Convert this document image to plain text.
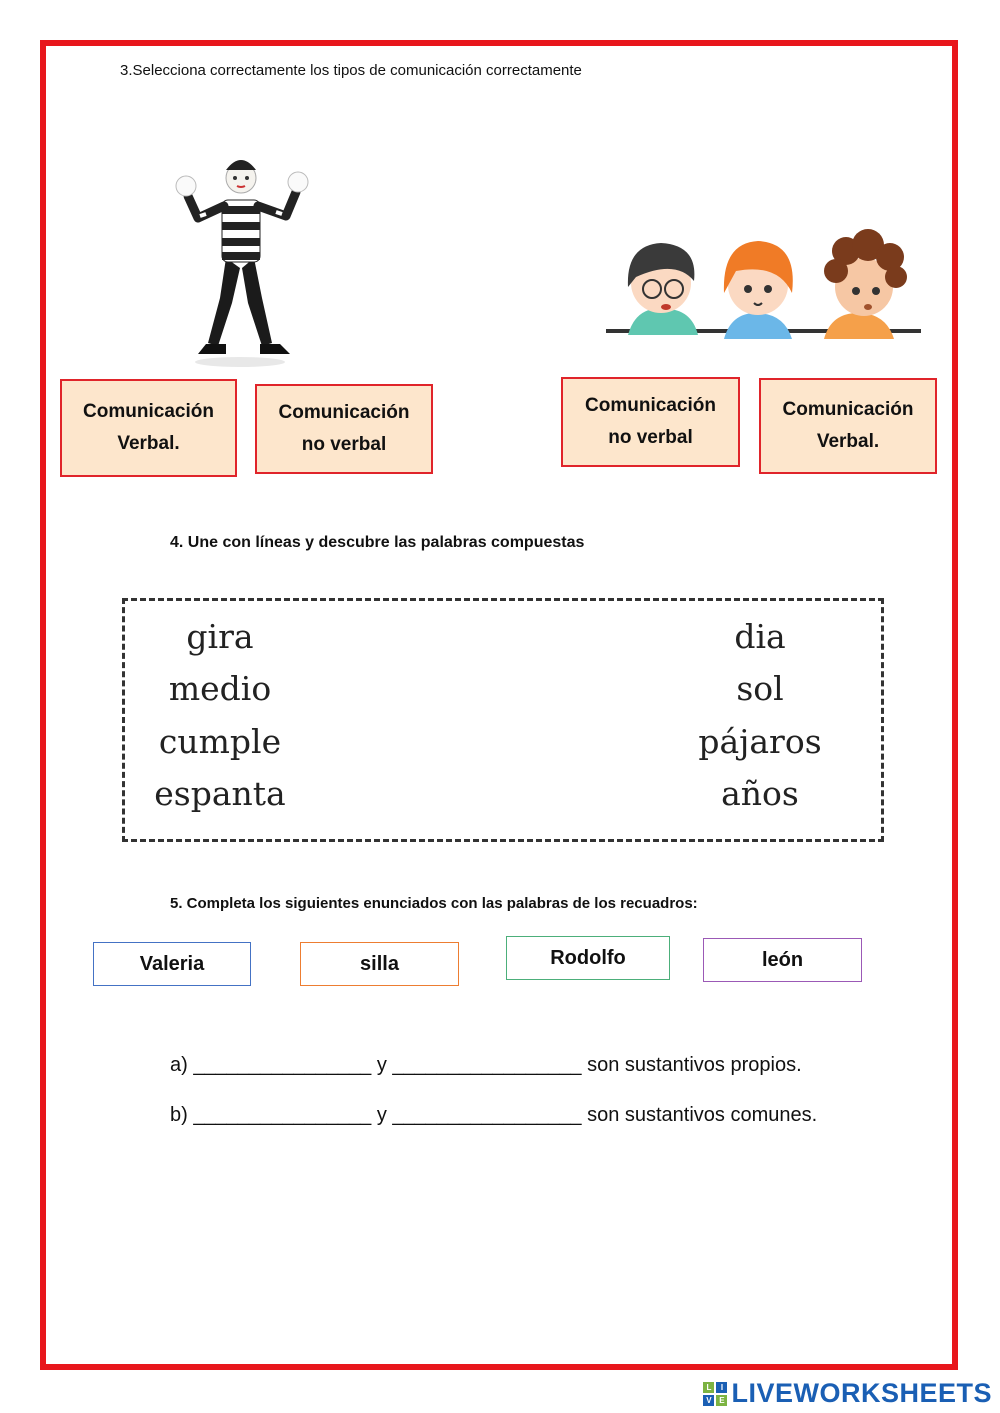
3.Selecciona correctamente los tipos de comunicación correctamente
Comunicación
Verbal.
Comunicación
no verbal
Comunicación
no verbal
Comunicación
Verbal.
4. Une con líneas y descubre las palabras compuestas
gira
medio
cumple
espanta
dia
sol
pájaros
años
5. Completa los siguientes enunciados con las palabras de los recuadros:
Valeria	silla	Rodolfo	león
a) ________________ y _________________ son sustantivos propios.
b) ________________ y _________________ son sustantivos comunes.
L	I
V E LIVEWORKSHEETS
